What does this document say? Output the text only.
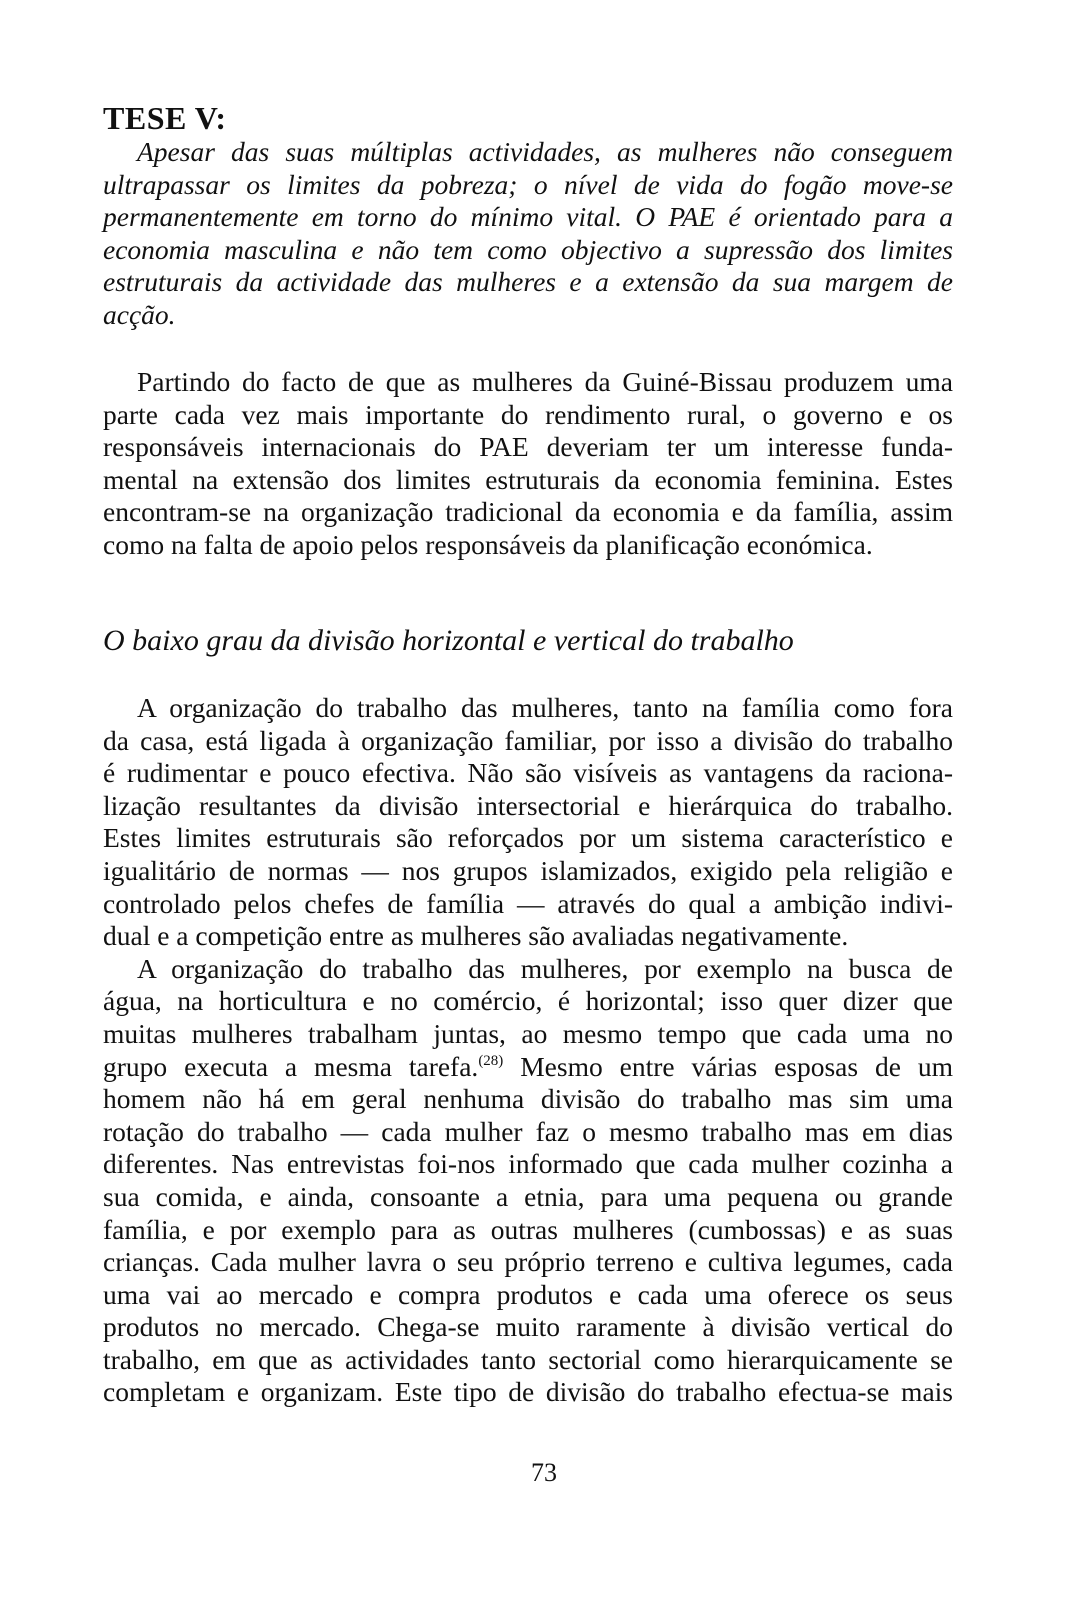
TESE V:
Apesar das suas múltiplas actividades, as mulheres não conseguem
ultrapassar os limites da pobreza; o nível de vida do fogão move-se
permanentemente em torno do mínimo vital. O PAE é orientado para a
economia masculina e não tem como objectivo a supressão dos limites
estruturais da actividade das mulheres e a extensão da sua margem de
acção.
Partindo do facto de que as mulheres da Guiné-Bissau produzem uma
parte cada vez mais importante do rendimento rural, o governo e os
responsáveis internacionais do PAE deveriam ter um interesse funda-
mental na extensão dos limites estruturais da economia feminina. Estes
encontram-se na organização tradicional da economia e da família, assim
como na falta de apoio pelos responsáveis da planificação económica.
O baixo grau da divisão horizontal e vertical do trabalho
A organização do trabalho das mulheres, tanto na família como fora
da casa, está ligada à organização familiar, por isso a divisão do trabalho
é rudimentar e pouco efectiva. Não são visíveis as vantagens da raciona-
lização resultantes da divisão intersectorial e hierárquica do trabalho.
Estes limites estruturais são reforçados por um sistema característico e
igualitário de normas — nos grupos islamizados, exigido pela religião e
controlado pelos chefes de família — através do qual a ambição indivi-
dual e a competição entre as mulheres são avaliadas negativamente.
A organização do trabalho das mulheres, por exemplo na busca de
água, na horticultura e no comércio, é horizontal; isso quer dizer que
muitas mulheres trabalham juntas, ao mesmo tempo que cada uma no
grupo executa a mesma tarefa.$^{(28)}$ Mesmo entre várias esposas de um
homem não há em geral nenhuma divisão do trabalho mas sim uma
rotação do trabalho — cada mulher faz o mesmo trabalho mas em dias
diferentes. Nas entrevistas foi-nos informado que cada mulher cozinha a
sua comida, e ainda, consoante a etnia, para uma pequena ou grande
família, e por exemplo para as outras mulheres (cumbossas) e as suas
crianças. Cada mulher lavra o seu próprio terreno e cultiva legumes, cada
uma vai ao mercado e compra produtos e cada uma oferece os seus
produtos no mercado. Chega-se muito raramente à divisão vertical do
trabalho, em que as actividades tanto sectorial como hierarquicamente se
completam e organizam. Este tipo de divisão do trabalho efectua-se mais
73
